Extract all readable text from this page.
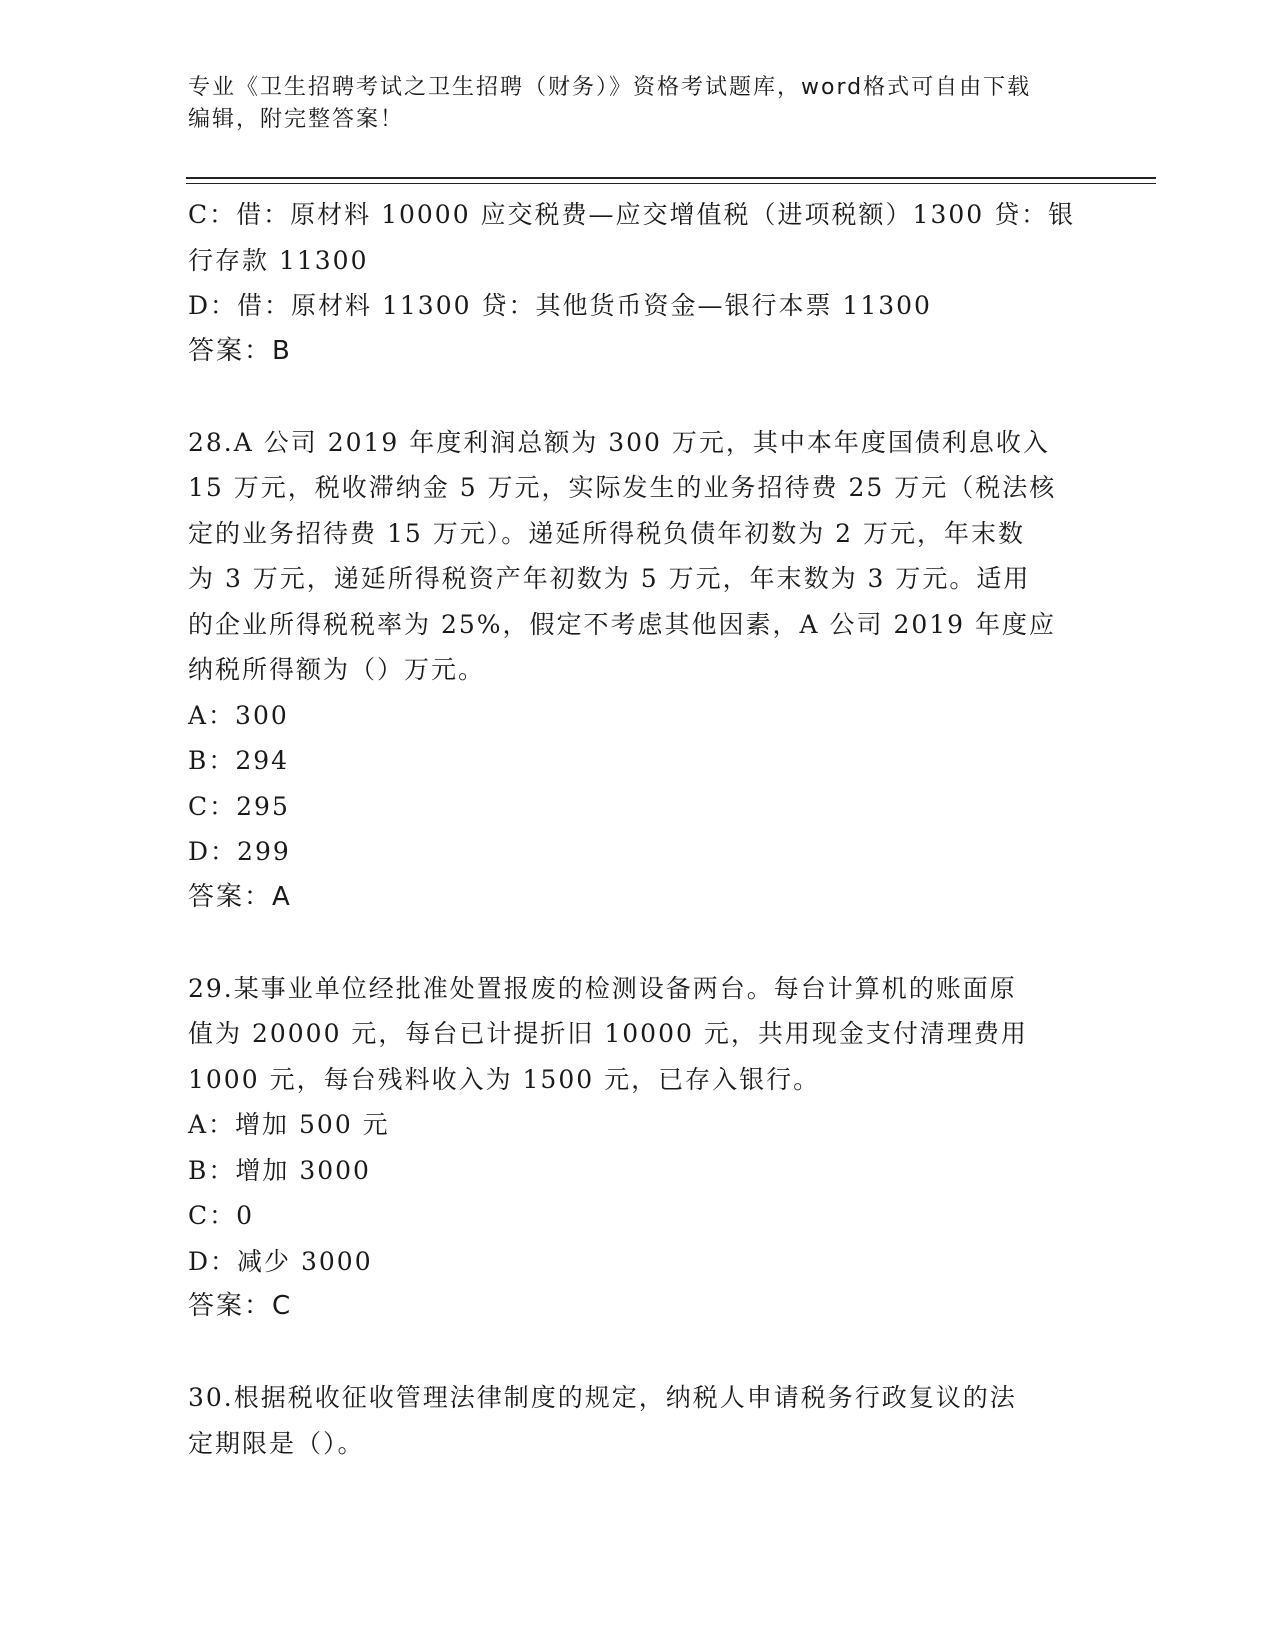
专业《卫生招聘考试之卫生招聘（财务）》资格考试题库，word格式可自由下载
编辑，附完整答案！
C：借：原材料 10000 应交税费—应交增值税（进项税额）1300 贷：银
行存款 11300
D：借：原材料 11300 贷：其他货币资金—银行本票 11300
答案：B
28.A 公司 2019 年度利润总额为 300 万元，其中本年度国债利息收入
15 万元，税收滞纳金 5 万元，实际发生的业务招待费 25 万元（税法核
定的业务招待费 15 万元）。递延所得税负债年初数为 2 万元，年末数
为 3 万元，递延所得税资产年初数为 5 万元，年末数为 3 万元。适用
的企业所得税税率为 25%，假定不考虑其他因素，A 公司 2019 年度应
纳税所得额为（）万元。
A：300
B：294
C：295
D：299
答案：A
29.某事业单位经批准处置报废的检测设备两台。每台计算机的账面原
值为 20000 元，每台已计提折旧 10000 元，共用现金支付清理费用
1000 元，每台残料收入为 1500 元，已存入银行。
A：增加 500 元
B：增加 3000
C：0
D：减少 3000
答案：C
30.根据税收征收管理法律制度的规定，纳税人申请税务行政复议的法
定期限是（）。
